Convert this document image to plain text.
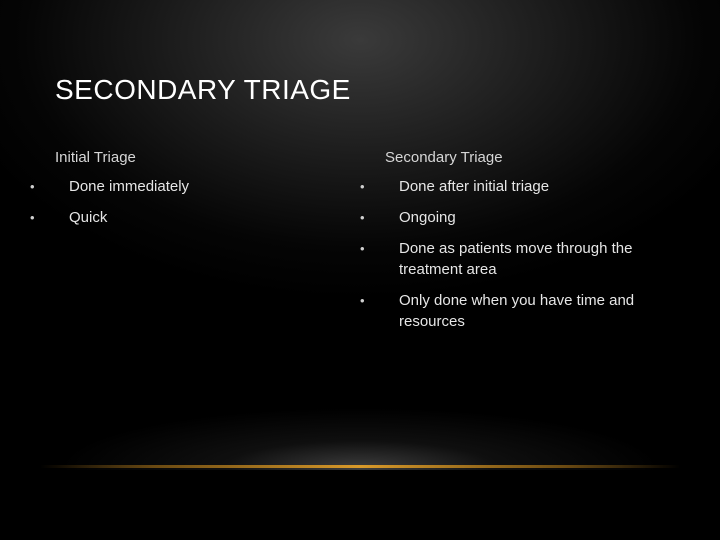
SECONDARY TRIAGE
Initial Triage	Secondary Triage
•	Done immediately
•	Quick
•	Done after initial triage
•	Ongoing
•	Done as patients move through the treatment area
•	Only done when you have time and resources
